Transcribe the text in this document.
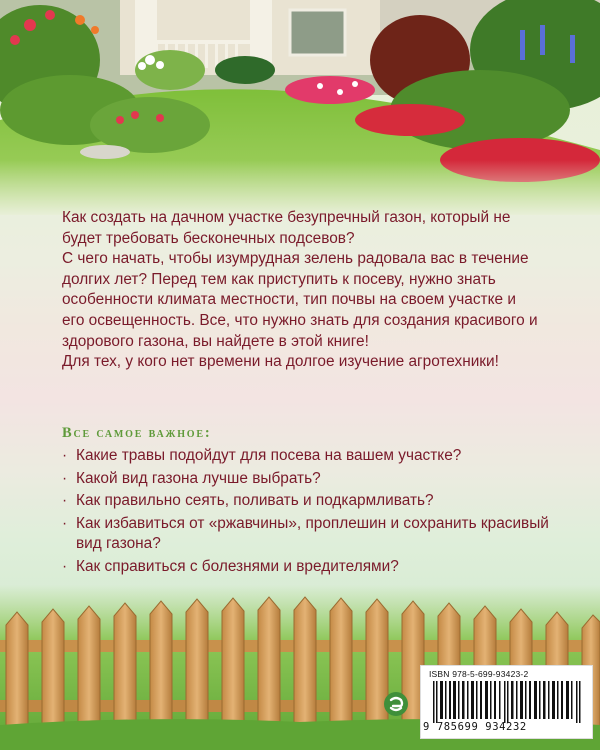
Как создать на дачном участке безупречный газон, который не будет требовать бесконечных подсевов?

С чего начать, чтобы изумрудная зелень радовала вас в течение долгих лет? Перед тем как приступить к посеву, нужно знать особенности климата местности, тип почвы на своем участке и его освещенность. Все, что нужно знать для создания красивого и здорового газона, вы найдете в этой книге!

Для тех, у кого нет времени на долгое изучение агротехники!

Все самое важное:
· Какие травы подойдут для посева на вашем участке?
· Какой вид газона лучше выбрать?
· Как правильно сеять, поливать и подкармливать?
· Как избавиться от «ржавчины», проплешин и сохранить красивый вид газона?
· Как справиться с болезнями и вредителями?
ISBN 978-5-699-93423-2
9 785699 934232
